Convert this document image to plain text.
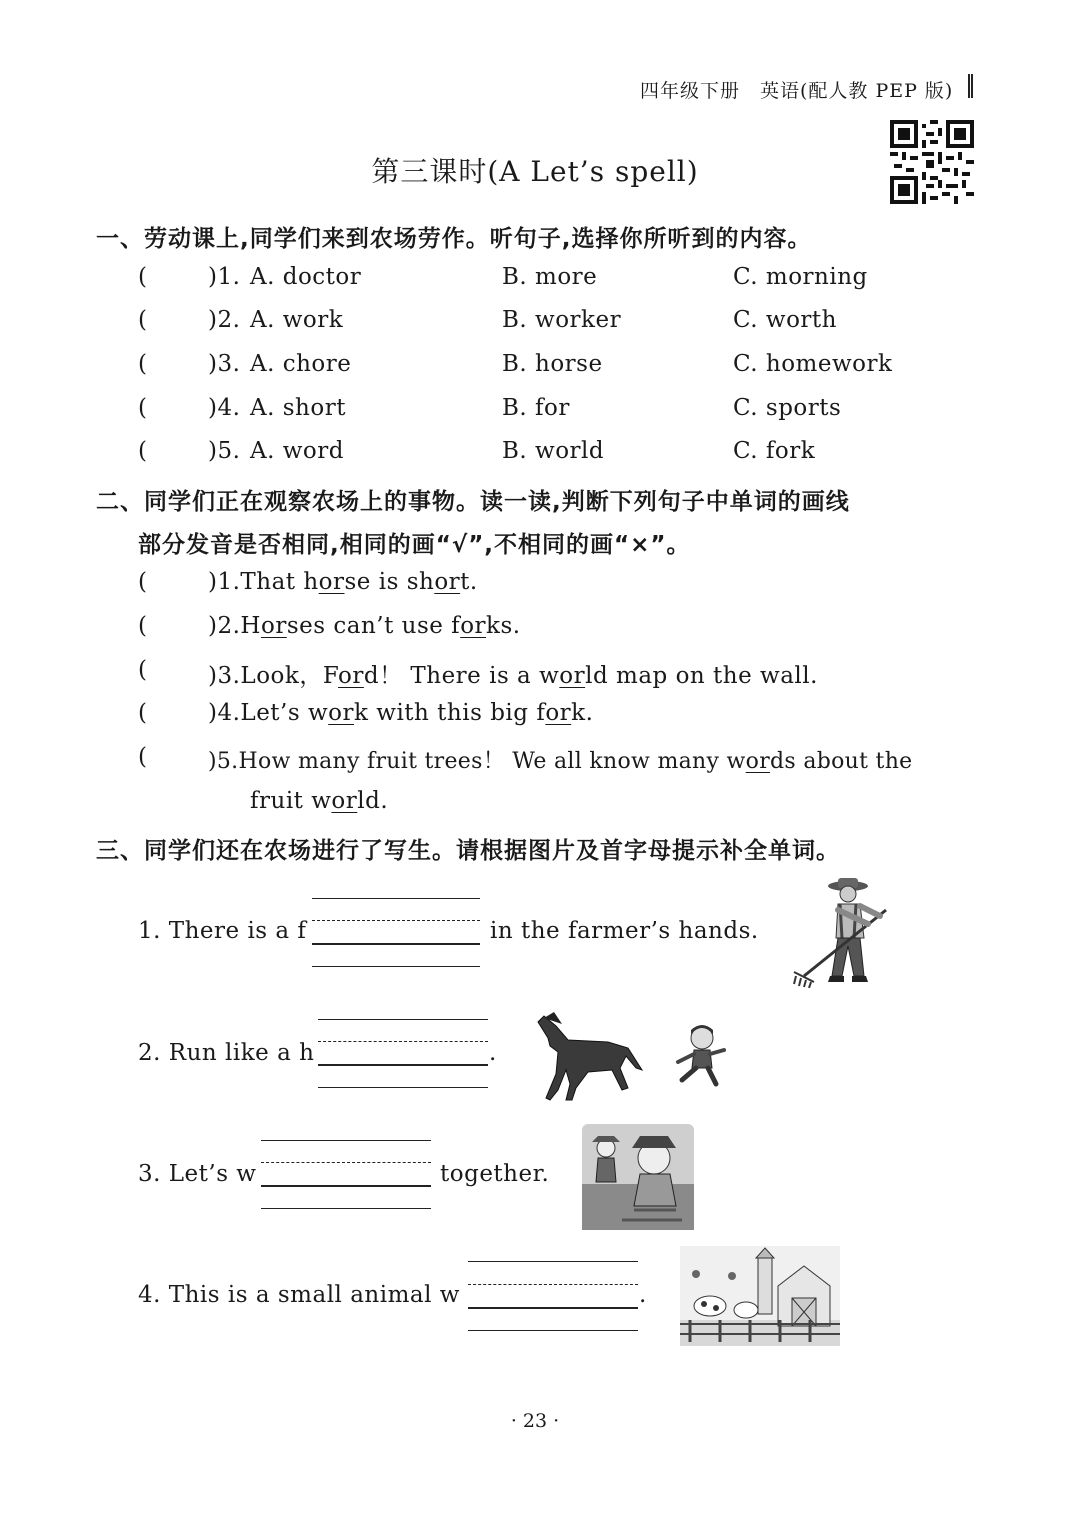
四年级下册　英语(配人教 PEP 版)
第三课时(A Let’s spell)
一、劳动课上,同学们来到农场劳作。听句子,选择你所听到的内容。
(	)1. A. doctor	B. more	C. morning
(	)2. A. work	B. worker	C. worth
(	)3. A. chore	B. horse	C. homework
(	)4. A. short	B. for	C. sports
(	)5. A. word	B. world	C. fork
二、同学们正在观察农场上的事物。读一读,判断下列句子中单词的画线
部分发音是否相同,相同的画“√”,不相同的画“×”。
(	)1.That horse is short.
(	)2.Horses can’t use forks.
(	)3.Look，Ford！ There is a world map on the wall.
(	)4.Let’s work with this big fork.
(	)5.How many fruit trees！ We all know many words about the
fruit world.
三、同学们还在农场进行了写生。请根据图片及首字母提示补全单词。
1. There is a f	in the farmer’s hands.
2. Run like a h	.
3. Let’s w	together.
4. This is a small animal w	.
· 23 ·
